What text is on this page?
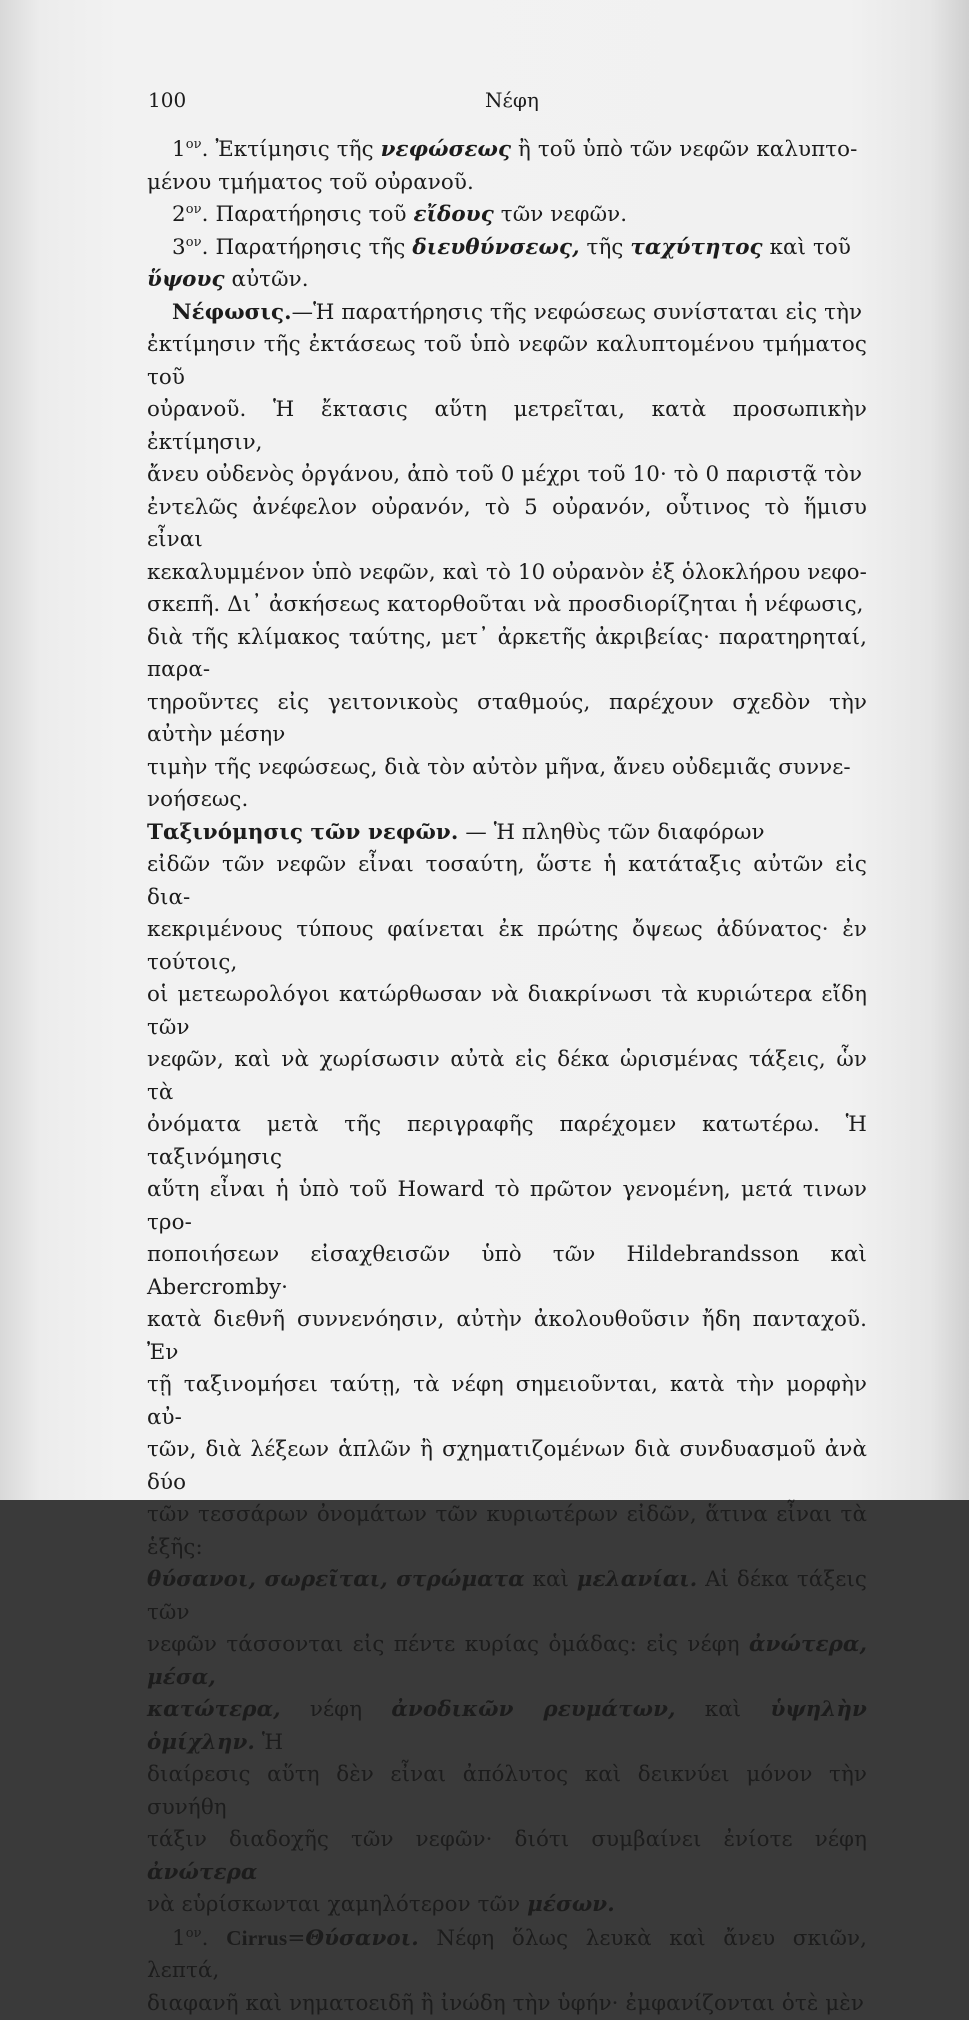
100	Νέφη

$1^{o\nu}$. Ἐκτίμησις τῆς νεφώσεως ἢ τοῦ ὑπὸ τῶν νεφῶν καλυπτο-
μένου τμήματος τοῦ οὐρανοῦ.

$2^{o\nu}$. Παρατήρησις τοῦ εἴδους τῶν νεφῶν.

$3^{o\nu}$. Παρατήρησις τῆς διευθύνσεως, τῆς ταχύτητος καὶ τοῦ
ὕψους αὐτῶν.

Νέφωσις.—Ἡ παρατήρησις τῆς νεφώσεως συνίσταται εἰς τὴν
ἐκτίμησιν τῆς ἐκτάσεως τοῦ ὑπὸ νεφῶν καλυπτομένου τμήματος τοῦ
οὐρανοῦ. Ἡ ἔκτασις αὕτη μετρεῖται, κατὰ προσωπικὴν ἐκτίμησιν,
ἄνευ οὐδενὸς ὀργάνου, ἀπὸ τοῦ 0 μέχρι τοῦ 10· τὸ 0 παριστᾷ τὸν
ἐντελῶς ἀνέφελον οὐρανόν, τὸ 5 οὐρανόν, οὗτινος τὸ ἥμισυ εἶναι
κεκαλυμμένον ὑπὸ νεφῶν, καὶ τὸ 10 οὐρανὸν ἐξ ὁλοκλήρου νεφο-
σκεπῆ. Δι᾽ ἀσκήσεως κατορθοῦται νὰ προσδιορίζηται ἡ νέφωσις,
διὰ τῆς κλίμακος ταύτης, μετ᾽ ἀρκετῆς ἀκριβείας· παρατηρηταί, παρα-
τηροῦντες εἰς γειτονικοὺς σταθμούς, παρέχουν σχεδὸν τὴν αὐτὴν μέσην
τιμὴν τῆς νεφώσεως, διὰ τὸν αὐτὸν μῆνα, ἄνευ οὐδεμιᾶς συννε-
νοήσεως.

Ταξινόμησις τῶν νεφῶν. — Ἡ πληθὺς τῶν διαφόρων
εἰδῶν τῶν νεφῶν εἶναι τοσαύτη, ὥστε ἡ κατάταξις αὐτῶν εἰς δια-
κεκριμένους τύπους φαίνεται ἐκ πρώτης ὄψεως ἀδύνατος· ἐν τούτοις,
οἱ μετεωρολόγοι κατώρθωσαν νὰ διακρίνωσι τὰ κυριώτερα εἴδη τῶν
νεφῶν, καὶ νὰ χωρίσωσιν αὐτὰ εἰς δέκα ὡρισμένας τάξεις, ὧν τὰ
ὀνόματα μετὰ τῆς περιγραφῆς παρέχομεν κατωτέρω. Ἡ ταξινόμησις
αὕτη εἶναι ἡ ὑπὸ τοῦ Howard τὸ πρῶτον γενομένη, μετά τινων τρο-
ποποιήσεων εἰσαχθεισῶν ὑπὸ τῶν Hildebrandsson καὶ Abercromby·
κατὰ διεθνῆ συννενόησιν, αὐτὴν ἀκολουθοῦσιν ἤδη πανταχοῦ. Ἐν
τῇ ταξινομήσει ταύτῃ, τὰ νέφη σημειοῦνται, κατὰ τὴν μορφὴν αὐ-
τῶν, διὰ λέξεων ἁπλῶν ἢ σχηματιζομένων διὰ συνδυασμοῦ ἀνὰ δύο
τῶν τεσσάρων ὀνομάτων τῶν κυριωτέρων εἰδῶν, ἅτινα εἶναι τὰ ἑξῆς:
θύσανοι, σωρεῖται, στρώματα καὶ μελανίαι. Αἱ δέκα τάξεις τῶν
νεφῶν τάσσονται εἰς πέντε κυρίας ὁμάδας: εἰς νέφη ἀνώτερα, μέσα,
κατώτερα, νέφη ἀνοδικῶν ρευμάτων, καὶ ὑψηλὴν ὁμίχλην. Ἡ
διαίρεσις αὕτη δὲν εἶναι ἀπόλυτος καὶ δεικνύει μόνον τὴν συνήθη
τάξιν διαδοχῆς τῶν νεφῶν· διότι συμβαίνει ἐνίοτε νέφη ἀνώτερα
νὰ εὑρίσκωνται χαμηλότερον τῶν μέσων.

$1^{o\nu}$. Cirrus=Θύσανοι. Νέφη ὅλως λευκὰ καὶ ἄνευ σκιῶν, λεπτά,
διαφανῆ καὶ νηματοειδῆ ἢ ἰνώδη τὴν ὑφήν· ἐμφανίζονται ὁτὲ μὲν
